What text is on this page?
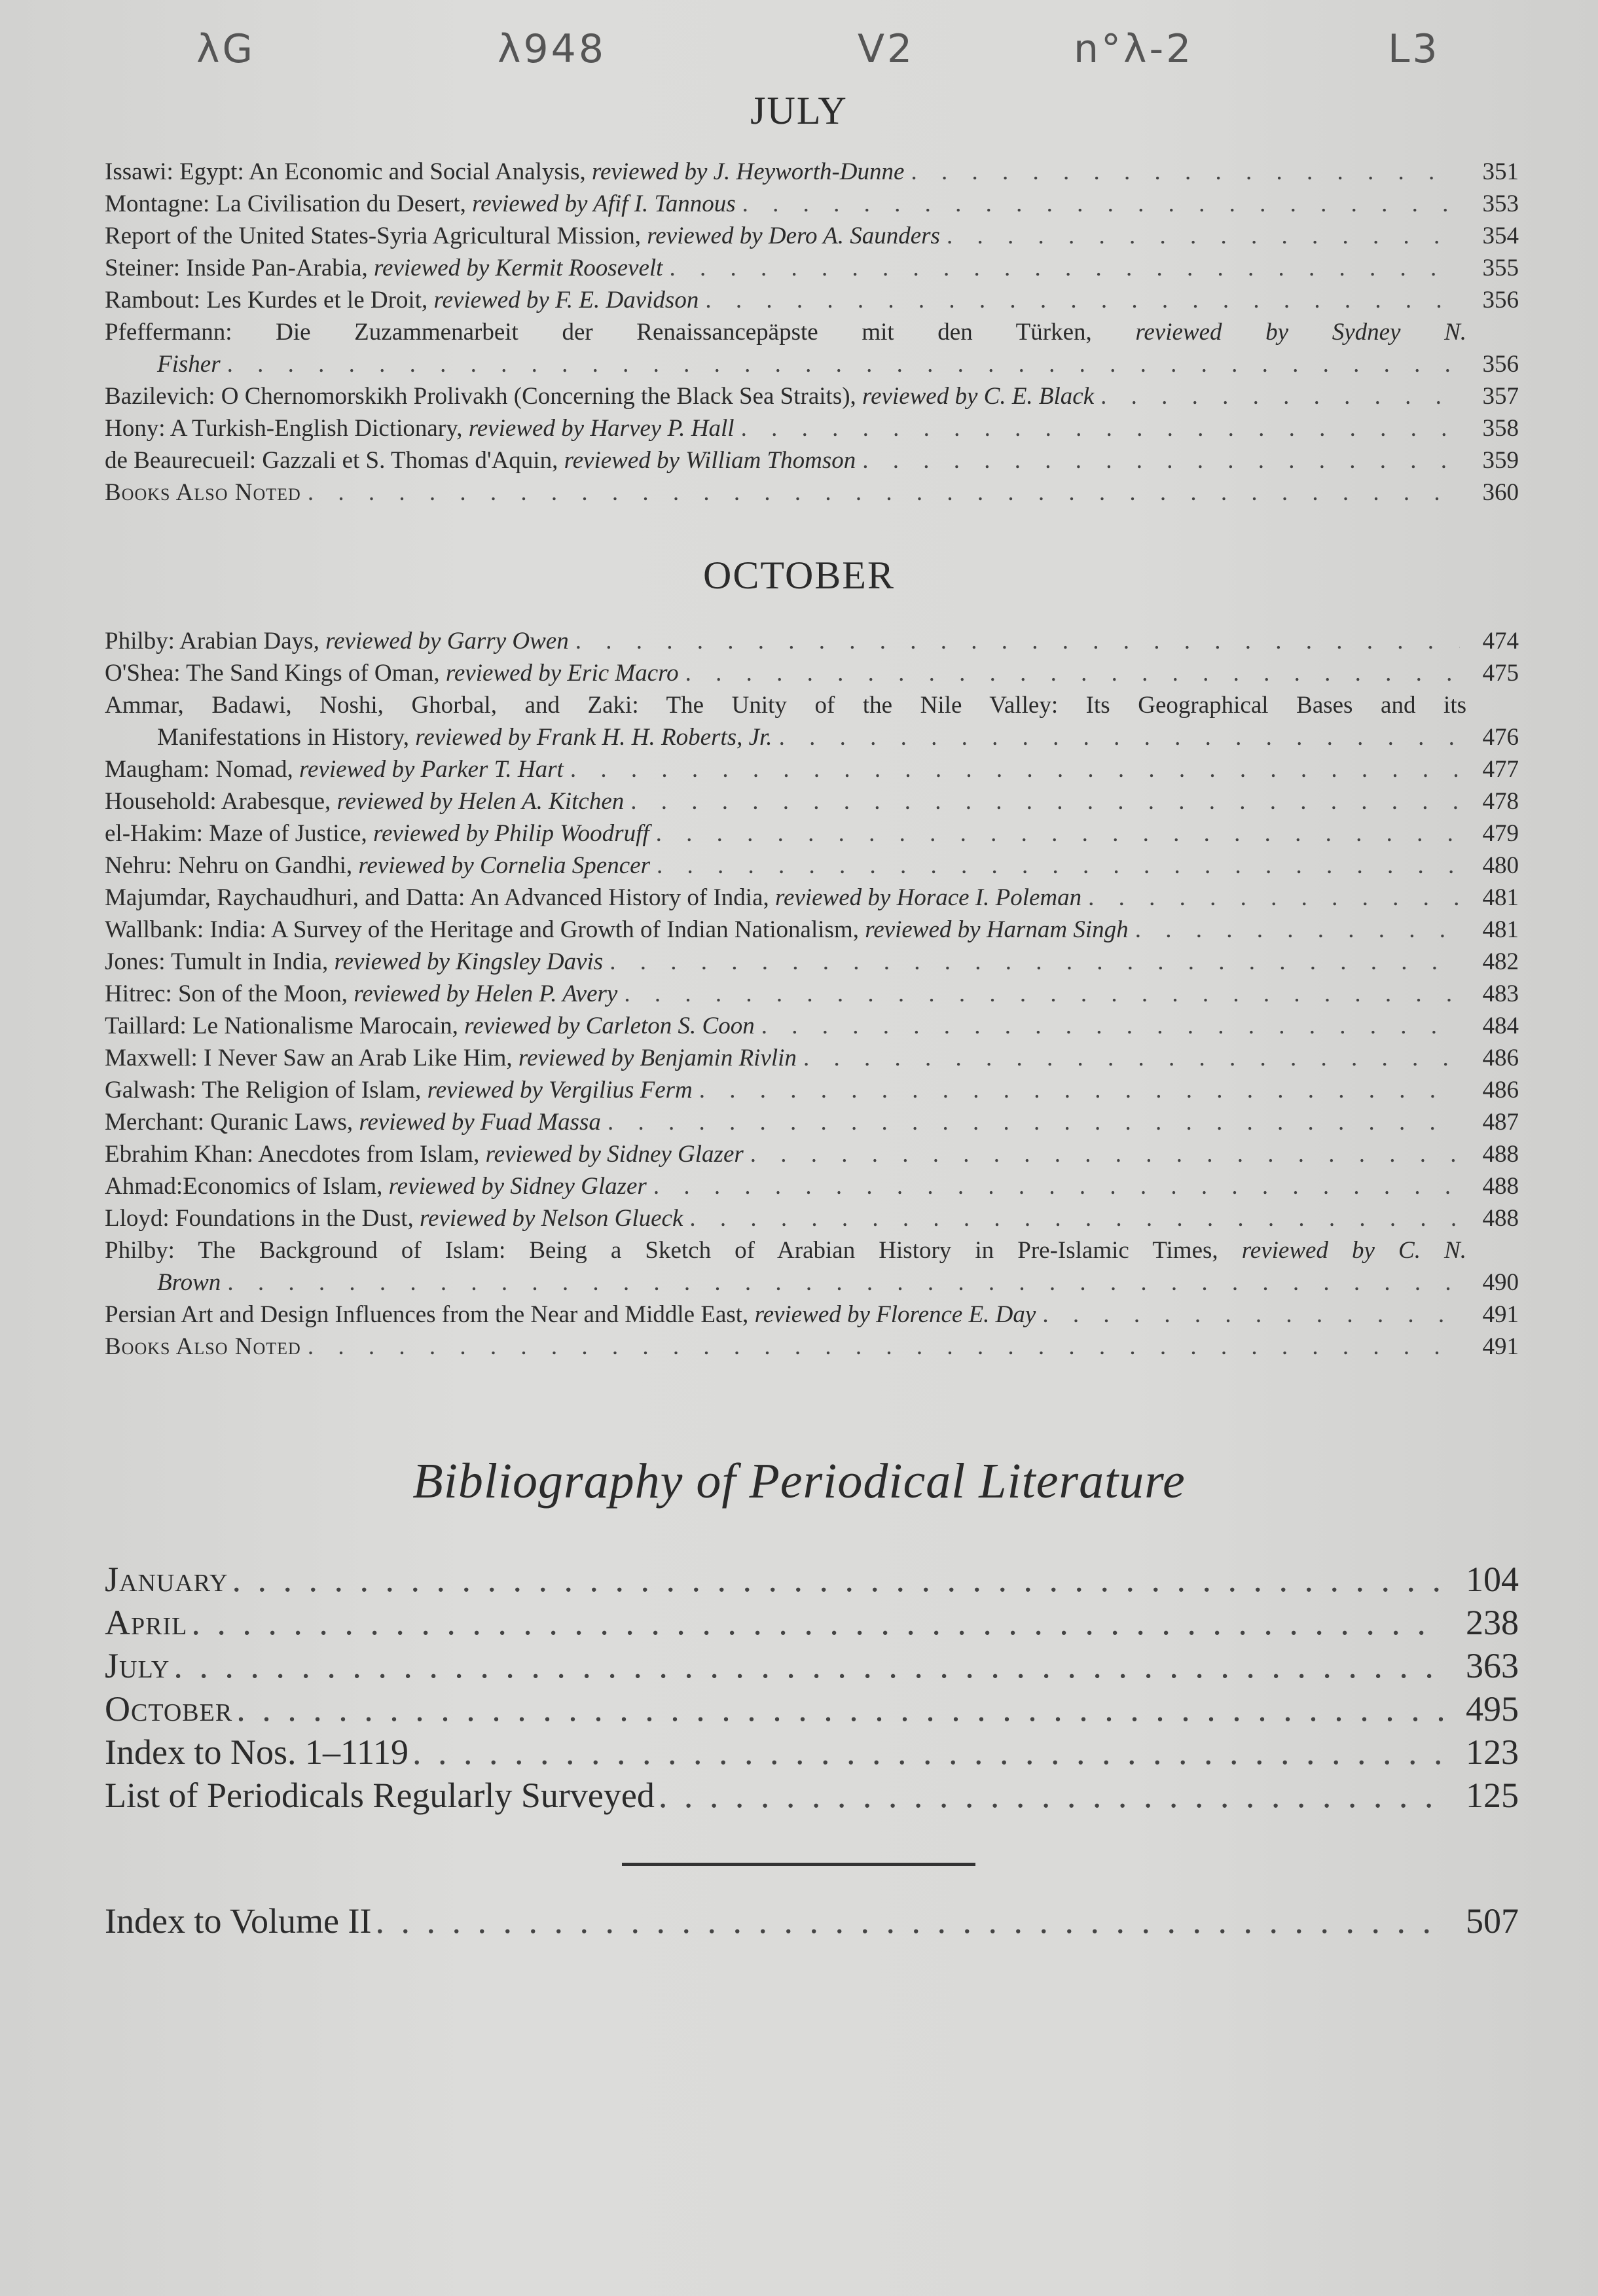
λG	λ948	V2	n°λ-2	L3
JULY
Issawi: Egypt: An Economic and Social Analysis, reviewed by J. Heyworth-Dunne . . .	351
Montagne: La Civilisation du Desert, reviewed by Afif I. Tannous . . .	353
Report of the United States-Syria Agricultural Mission, reviewed by Dero A. Saunders . . .	354
Steiner: Inside Pan-Arabia, reviewed by Kermit Roosevelt . . .	355
Rambout: Les Kurdes et le Droit, reviewed by F. E. Davidson . . .	356
Pfeffermann: Die Zuzammenarbeit der Renaissancepäpste mit den Türken, reviewed by Sydney N.
Fisher . . .	356
Bazilevich: O Chernomorskikh Prolivakh (Concerning the Black Sea Straits), reviewed by C. E. Black . . .	357
Hony: A Turkish-English Dictionary, reviewed by Harvey P. Hall . . .	358
de Beaurecueil: Gazzali et S. Thomas d'Aquin, reviewed by William Thomson . . .	359
Books Also Noted . . .	360
OCTOBER
Philby: Arabian Days, reviewed by Garry Owen . . .	474
O'Shea: The Sand Kings of Oman, reviewed by Eric Macro . . .	475
Ammar, Badawi, Noshi, Ghorbal, and Zaki: The Unity of the Nile Valley: Its Geographical Bases and its
Manifestations in History, reviewed by Frank H. H. Roberts, Jr. . . .	476
Maugham: Nomad, reviewed by Parker T. Hart . . .	477
Household: Arabesque, reviewed by Helen A. Kitchen . . .	478
el-Hakim: Maze of Justice, reviewed by Philip Woodruff . . .	479
Nehru: Nehru on Gandhi, reviewed by Cornelia Spencer . . .	480
Majumdar, Raychaudhuri, and Datta: An Advanced History of India, reviewed by Horace I. Poleman . . .	481
Wallbank: India: A Survey of the Heritage and Growth of Indian Nationalism, reviewed by Harnam Singh . . .	481
Jones: Tumult in India, reviewed by Kingsley Davis . . .	482
Hitrec: Son of the Moon, reviewed by Helen P. Avery . . .	483
Taillard: Le Nationalisme Marocain, reviewed by Carleton S. Coon . . .	484
Maxwell: I Never Saw an Arab Like Him, reviewed by Benjamin Rivlin . . .	486
Galwash: The Religion of Islam, reviewed by Vergilius Ferm . . .	486
Merchant: Quranic Laws, reviewed by Fuad Massa . . .	487
Ebrahim Khan: Anecdotes from Islam, reviewed by Sidney Glazer . . .	488
Ahmad:Economics of Islam, reviewed by Sidney Glazer . . .	488
Lloyd: Foundations in the Dust, reviewed by Nelson Glueck . . .	488
Philby: The Background of Islam: Being a Sketch of Arabian History in Pre-Islamic Times, reviewed by C. N.
Brown . . .	490
Persian Art and Design Influences from the Near and Middle East, reviewed by Florence E. Day . . .	491
Books Also Noted . . .	491
Bibliography of Periodical Literature
January . . .	104
April . . .	238
July . . .	363
October . . .	495
Index to Nos. 1–1119 . . .	123
List of Periodicals Regularly Surveyed . . .	125
Index to Volume II . . .	507
